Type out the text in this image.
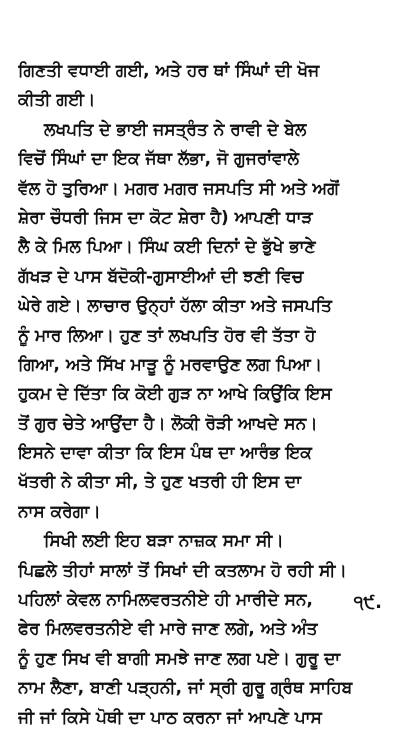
ਗਿਣਤੀ ਵਧਾਈ ਗਈ, ਅਤੇ ਹਰ ਥਾਂ ਸਿੰਘਾਂ ਦੀ ਖੋਜ
ਕੀਤੀ ਗਈ।
ਲਖਪਤਿ ਦੇ ਭਾਈ ਜਸਤ੍ਰੰਤ ਨੇ ਰਾਵੀ ਦੇ ਬੇਲ
ਵਿਚੋਂ ਸਿੰਘਾਂ ਦਾ ਇਕ ਜੱਥਾ ਲੱਭਾ, ਜੋ ਗੁਜਰਾਂਵਾਲੇ
ਵੱਲ ਹੋ ਤੁਰਿਆ। ਮਗਰ ਮਗਰ ਜਸਪਤਿ ਸੀ ਅਤੇ ਅਗੋਂ
ਸ਼ੇਰਾ ਚੌਧਰੀ ਜਿਸ ਦਾ ਕੋਟ ਸ਼ੇਰਾ ਹੈ) ਆਪਣੀ ਧਾੜ
ਲੈ ਕੇ ਮਿਲ ਪਿਆ। ਸਿੰਘ ਕਈ ਦਿਨਾਂ ਦੇ ਭੁੱਖੇ ਭਾਣੇ
ਗੱਖੜ ਦੇ ਪਾਸ ਬੱਦੋਕੀ-ਗੁਸਾਈਆਂ ਦੀ ਝਣੀ ਵਿਚ
ਘੇਰੇ ਗਏ। ਲਾਚਾਰ ਉਨ੍ਹਾਂ ਹੱਲਾ ਕੀਤਾ ਅਤੇ ਜਸਪਤਿ
ਨੂੰ ਮਾਰ ਲਿਆ। ਹੁਣ ਤਾਂ ਲਖਪਤਿ ਹੋਰ ਵੀ ਤੱਤਾ ਹੋ
ਗਿਆ, ਅਤੇ ਸਿੱਖ ਮਾੜੂ ਨੂੰ ਮਰਵਾਉਣ ਲਗ ਪਿਆ।
ਹੁਕਮ ਦੇ ਦਿੱਤਾ ਕਿ ਕੋਈ ਗੁੜ ਨਾ ਆਖੇ ਕਿਉਂਕਿ ਇਸ
ਤੋਂ ਗੁਰ ਚੇਤੇ ਆਉਂਦਾ ਹੈ। ਲੋਕੀ ਰੋੜੀ ਆਖਦੇ ਸਨ।
ਇਸਨੇ ਦਾਵਾ ਕੀਤਾ ਕਿ ਇਸ ਪੰਥ ਦਾ ਆਰੰਭ ਇਕ
ਖੱਤਰੀ ਨੇ ਕੀਤਾ ਸੀ, ਤੇ ਹੁਣ ਖਤਰੀ ਹੀ ਇਸ ਦਾ
ਨਾਸ ਕਰੇਗਾ।
ਸਿਖੀ ਲਈ ਇਹ ਬੜਾ ਨਾਜ਼ਕ ਸਮਾ ਸੀ।
ਪਿਛਲੇ ਤੀਹਾਂ ਸਾਲਾਂ ਤੋਂ ਸਿਖਾਂ ਦੀ ਕਤਲਾਮ ਹੋ ਰਹੀ ਸੀ।
ਪਹਿਲਾਂ ਕੇਵਲ ਨਾਮਿਲਵਰਤਨੀਏ ਹੀ ਮਾਰੀਦੇ ਸਨ,
ਫੇਰ ਮਿਲਵਰਤਨੀਏ ਵੀ ਮਾਰੇ ਜਾਣ ਲਗੇ, ਅਤੇ ਅੰਤ
ਨੂੰ ਹੁਣ ਸਿਖ ਵੀ ਬਾਗੀ ਸਮਝੇ ਜਾਣ ਲਗ ਪਏ। ਗੁਰੂ ਦਾ
ਨਾਮ ਲੈਣਾ, ਬਾਣੀ ਪੜ੍ਹਨੀ, ਜਾਂ ਸ੍ਰੀ ਗੁਰੂ ਗ੍ਰੰਥ ਸਾਹਿਬ
ਜੀ ਜਾਂ ਕਿਸੇ ਪੋਥੀ ਦਾ ਪਾਠ ਕਰਨਾ ਜਾਂ ਆਪਣੇ ਪਾਸ
੧੯.
